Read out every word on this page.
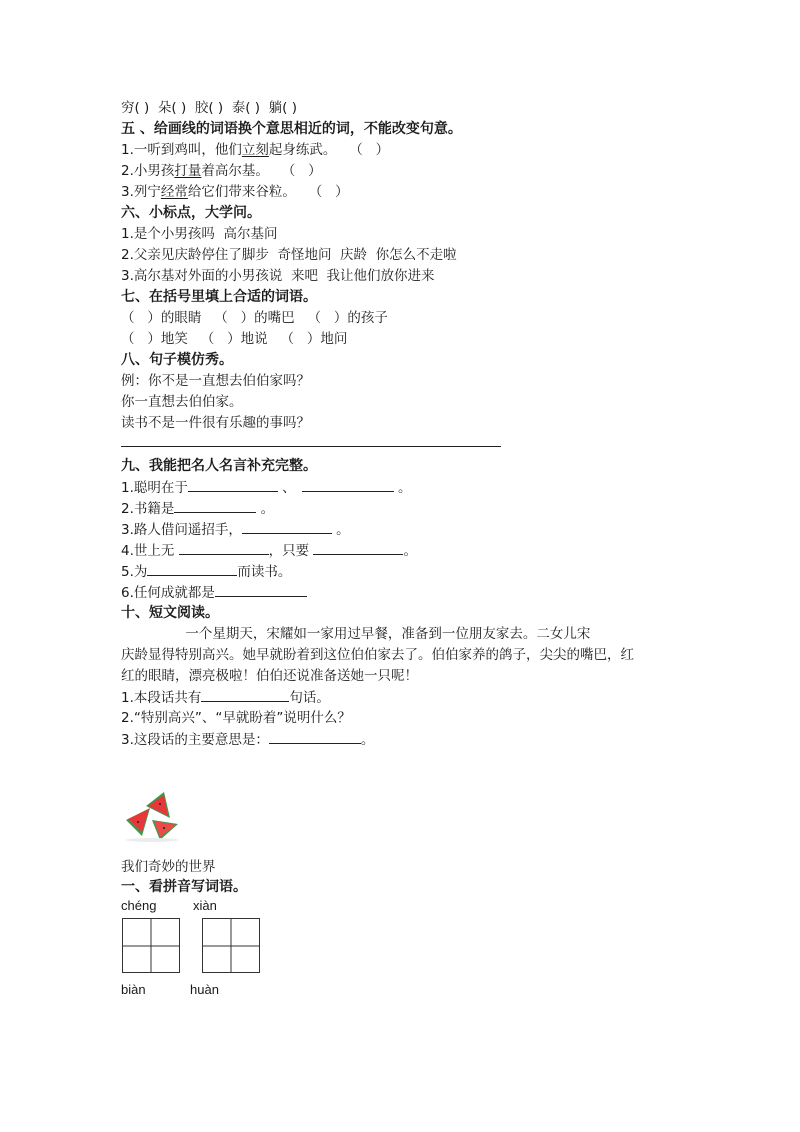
穷( )  朵( )  胶( )  泰( )  躺( )
五 、给画线的词语换个意思相近的词，不能改变句意。
1.一听到鸡叫，他们立刻起身练武。   （   ）
2.小男孩打量着高尔基。   （   ）
3.列宁经常给它们带来谷粒。   （   ）
六、小标点，大学问。
1.是个小男孩吗  高尔基问
2.父亲见庆龄停住了脚步  奇怪地问  庆龄  你怎么不走啦
3.高尔基对外面的小男孩说  来吧  我让他们放你进来
七、在括号里填上合适的词语。
（   ）的眼睛   （   ）的嘴巴   （   ）的孩子
（   ）地笑   （   ）地说   （   ）地问
八、句子模仿秀。
例：你不是一直想去伯伯家吗？
你一直想去伯伯家。
读书不是一件很有乐趣的事吗？
九、我能把名人名言补充完整。
1.聪明在于	、	。
2.书籍是	。
3.路人借问遥招手，	。
4.世上无	，只要	。
5.为	而读书。
6.任何成就都是
十、短文阅读。
一个星期天，宋耀如一家用过早餐，准备到一位朋友家去。二女儿宋
庆龄显得特别高兴。她早就盼着到这位伯伯家去了。伯伯家养的鸽子，尖尖的嘴巴，红
红的眼睛，漂亮极啦！伯伯还说准备送她一只呢！
1.本段话共有	句话。
2.“特别高兴”、“早就盼着”说明什么？
3.这段话的主要意思是：	。
我们奇妙的世界
一、看拼音写词语。
chéng	xiàn
biàn	huàn
